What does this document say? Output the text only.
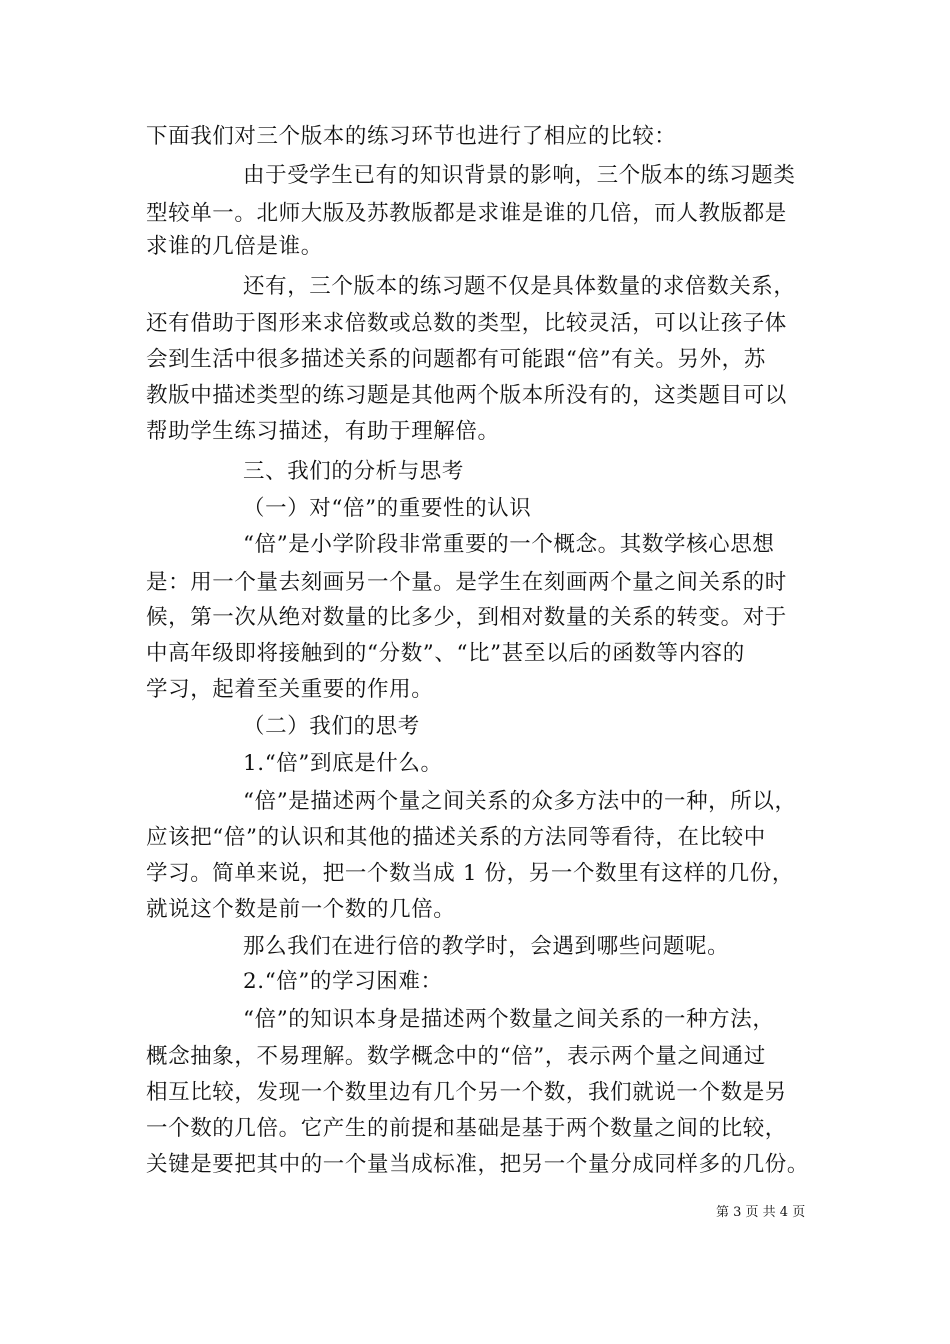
下面我们对三个版本的练习环节也进行了相应的比较：
由于受学生已有的知识背景的影响，三个版本的练习题类
型较单一。北师大版及苏教版都是求谁是谁的几倍，而人教版都是
求谁的几倍是谁。
还有，三个版本的练习题不仅是具体数量的求倍数关系，
还有借助于图形来求倍数或总数的类型，比较灵活，可以让孩子体
会到生活中很多描述关系的问题都有可能跟“倍”有关。另外，苏
教版中描述类型的练习题是其他两个版本所没有的，这类题目可以
帮助学生练习描述，有助于理解倍。
三、我们的分析与思考
（一）对“倍”的重要性的认识
“倍”是小学阶段非常重要的一个概念。其数学核心思想
是：用一个量去刻画另一个量。是学生在刻画两个量之间关系的时
候，第一次从绝对数量的比多少，到相对数量的关系的转变。对于
中高年级即将接触到的“分数”、“比”甚至以后的函数等内容的
学习，起着至关重要的作用。
（二）我们的思考
1.“倍”到底是什么。
“倍”是描述两个量之间关系的众多方法中的一种，所以，
应该把“倍”的认识和其他的描述关系的方法同等看待，在比较中
学习。简单来说，把一个数当成 1 份，另一个数里有这样的几份，
就说这个数是前一个数的几倍。
那么我们在进行倍的教学时，会遇到哪些问题呢。
2.“倍”的学习困难：
“倍”的知识本身是描述两个数量之间关系的一种方法，
概念抽象，不易理解。数学概念中的“倍”，表示两个量之间通过
相互比较，发现一个数里边有几个另一个数，我们就说一个数是另
一个数的几倍。它产生的前提和基础是基于两个数量之间的比较，
关键是要把其中的一个量当成标准，把另一个量分成同样多的几份。
第 3 页 共 4 页
